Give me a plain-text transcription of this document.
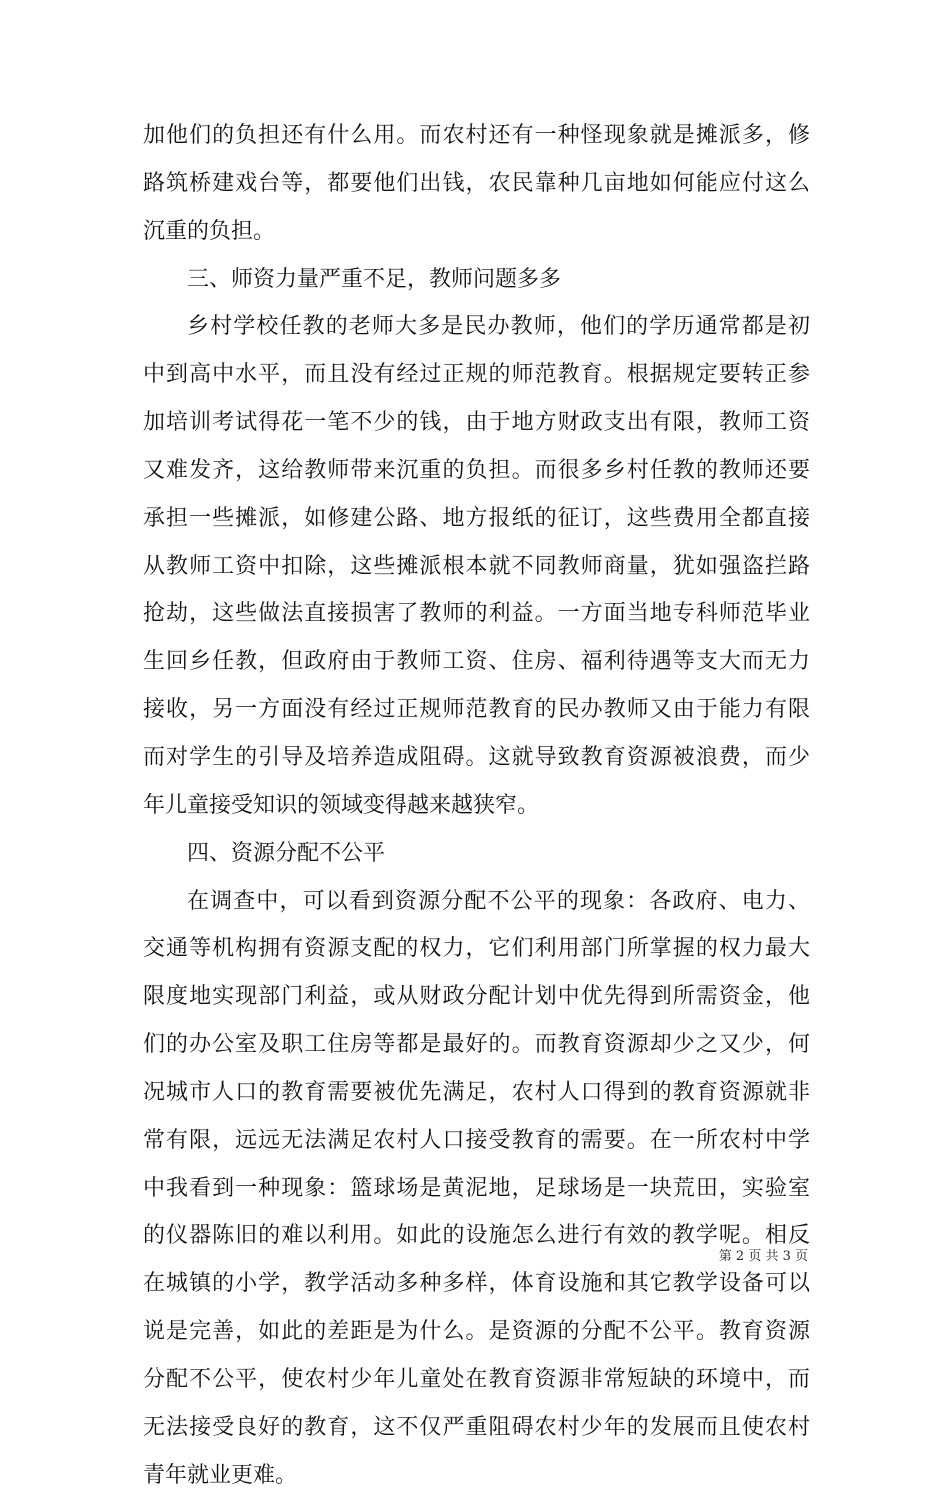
加他们的负担还有什么用。而农村还有一种怪现象就是摊派多，修
路筑桥建戏台等，都要他们出钱，农民靠种几亩地如何能应付这么
沉重的负担。
三、师资力量严重不足，教师问题多多
乡村学校任教的老师大多是民办教师，他们的学历通常都是初
中到高中水平，而且没有经过正规的师范教育。根据规定要转正参
加培训考试得花一笔不少的钱，由于地方财政支出有限，教师工资
又难发齐，这给教师带来沉重的负担。而很多乡村任教的教师还要
承担一些摊派，如修建公路、地方报纸的征订，这些费用全都直接
从教师工资中扣除，这些摊派根本就不同教师商量，犹如强盗拦路
抢劫，这些做法直接损害了教师的利益。一方面当地专科师范毕业
生回乡任教，但政府由于教师工资、住房、福利待遇等支大而无力
接收，另一方面没有经过正规师范教育的民办教师又由于能力有限
而对学生的引导及培养造成阻碍。这就导致教育资源被浪费，而少
年儿童接受知识的领域变得越来越狭窄。
四、资源分配不公平
在调查中，可以看到资源分配不公平的现象：各政府、电力、
交通等机构拥有资源支配的权力，它们利用部门所掌握的权力最大
限度地实现部门利益，或从财政分配计划中优先得到所需资金，他
们的办公室及职工住房等都是最好的。而教育资源却少之又少，何
况城市人口的教育需要被优先满足，农村人口得到的教育资源就非
常有限，远远无法满足农村人口接受教育的需要。在一所农村中学
中我看到一种现象：篮球场是黄泥地，足球场是一块荒田，实验室
的仪器陈旧的难以利用。如此的设施怎么进行有效的教学呢。相反
在城镇的小学，教学活动多种多样，体育设施和其它教学设备可以
说是完善，如此的差距是为什么。是资源的分配不公平。教育资源
分配不公平，使农村少年儿童处在教育资源非常短缺的环境中，而
无法接受良好的教育，这不仅严重阻碍农村少年的发展而且使农村
青年就业更难。
第 2 页 共 3 页
